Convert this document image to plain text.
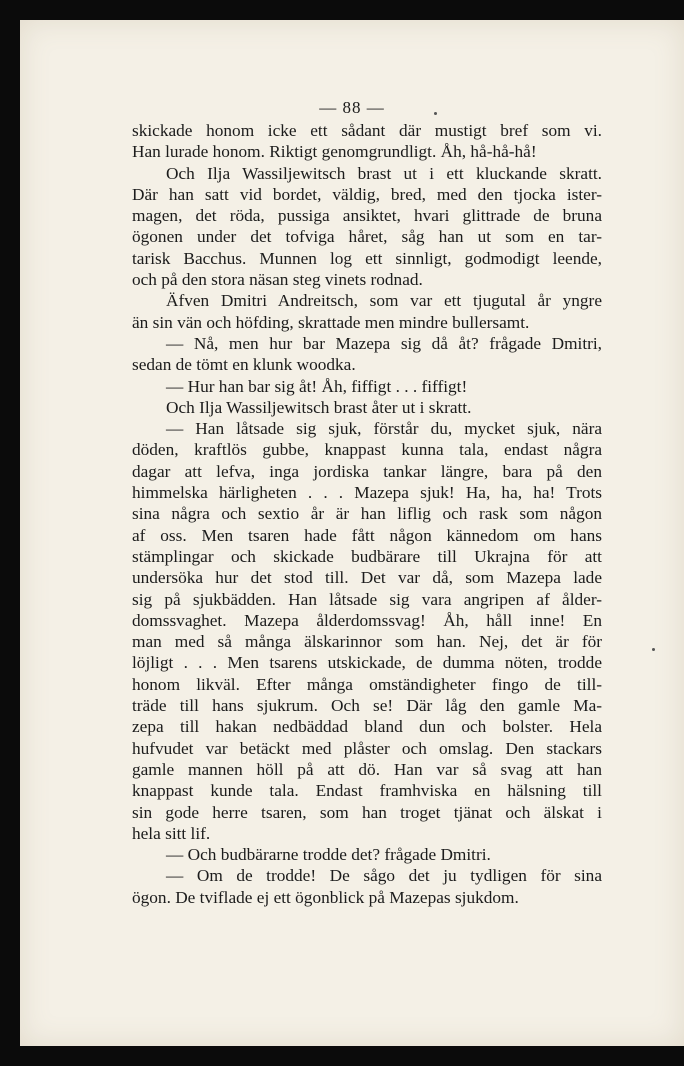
— 88 —
skickade honom icke ett sådant där mustigt bref som vi.
Han lurade honom. Riktigt genomgrundligt. Åh, hå-hå-hå!
Och Ilja Wassiljewitsch brast ut i ett kluckande skratt.
Där han satt vid bordet, väldig, bred, med den tjocka ister-
magen, det röda, pussiga ansiktet, hvari glittrade de bruna
ögonen under det tofviga håret, såg han ut som en tar-
tarisk Bacchus. Munnen log ett sinnligt, godmodigt leende,
och på den stora näsan steg vinets rodnad.
Äfven Dmitri Andreitsch, som var ett tjugutal år yngre
än sin vän och höfding, skrattade men mindre bullersamt.
— Nå, men hur bar Mazepa sig då åt? frågade Dmitri,
sedan de tömt en klunk woodka.
— Hur han bar sig åt! Åh, fiffigt . . . fiffigt!
Och Ilja Wassiljewitsch brast åter ut i skratt.
— Han låtsade sig sjuk, förstår du, mycket sjuk, nära
döden, kraftlös gubbe, knappast kunna tala, endast några
dagar att lefva, inga jordiska tankar längre, bara på den
himmelska härligheten . . . Mazepa sjuk! Ha, ha, ha! Trots
sina några och sextio år är han liflig och rask som någon
af oss. Men tsaren hade fått någon kännedom om hans
stämplingar och skickade budbärare till Ukrajna för att
undersöka hur det stod till. Det var då, som Mazepa lade
sig på sjukbädden. Han låtsade sig vara angripen af ålder-
domssvaghet. Mazepa ålderdomssvag! Åh, håll inne! En
man med så många älskarinnor som han. Nej, det är för
löjligt . . . Men tsarens utskickade, de dumma nöten, trodde
honom likväl. Efter många omständigheter fingo de till-
träde till hans sjukrum. Och se! Där låg den gamle Ma-
zepa till hakan nedbäddad bland dun och bolster. Hela
hufvudet var betäckt med plåster och omslag. Den stackars
gamle mannen höll på att dö. Han var så svag att han
knappast kunde tala. Endast framhviska en hälsning till
sin gode herre tsaren, som han troget tjänat och älskat i
hela sitt lif.
— Och budbärarne trodde det? frågade Dmitri.
— Om de trodde! De sågo det ju tydligen för sina
ögon. De tviflade ej ett ögonblick på Mazepas sjukdom.
